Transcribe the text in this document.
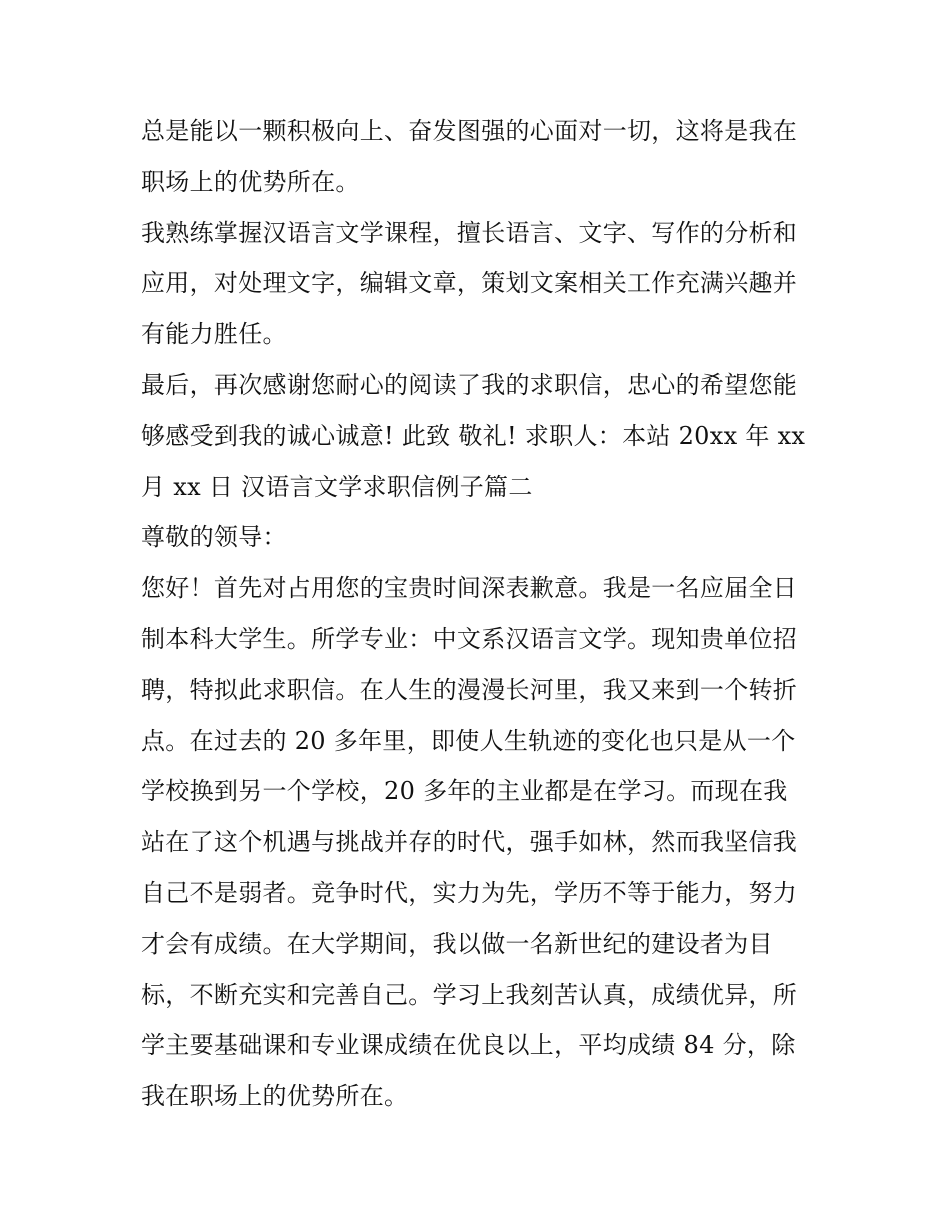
总是能以一颗积极向上、奋发图强的心面对一切，这将是我在
职场上的优势所在。
我熟练掌握汉语言文学课程，擅长语言、文字、写作的分析和
应用，对处理文字，编辑文章，策划文案相关工作充满兴趣并
有能力胜任。
最后，再次感谢您耐心的阅读了我的求职信，忠心的希望您能
够感受到我的诚心诚意! 此致 敬礼! 求职人：本站 20xx 年 xx
月 xx 日 汉语言文学求职信例子篇二
尊敬的领导：
您好！首先对占用您的宝贵时间深表歉意。我是一名应届全日
制本科大学生。所学专业：中文系汉语言文学。现知贵单位招
聘，特拟此求职信。在人生的漫漫长河里，我又来到一个转折
点。在过去的 20 多年里，即使人生轨迹的变化也只是从一个
学校换到另一个学校，20 多年的主业都是在学习。而现在我
站在了这个机遇与挑战并存的时代，强手如林，然而我坚信我
自己不是弱者。竞争时代，实力为先，学历不等于能力，努力
才会有成绩。在大学期间，我以做一名新世纪的建设者为目
标，不断充实和完善自己。学习上我刻苦认真，成绩优异，所
学主要基础课和专业课成绩在优良以上，平均成绩 84 分，除
我在职场上的优势所在。
